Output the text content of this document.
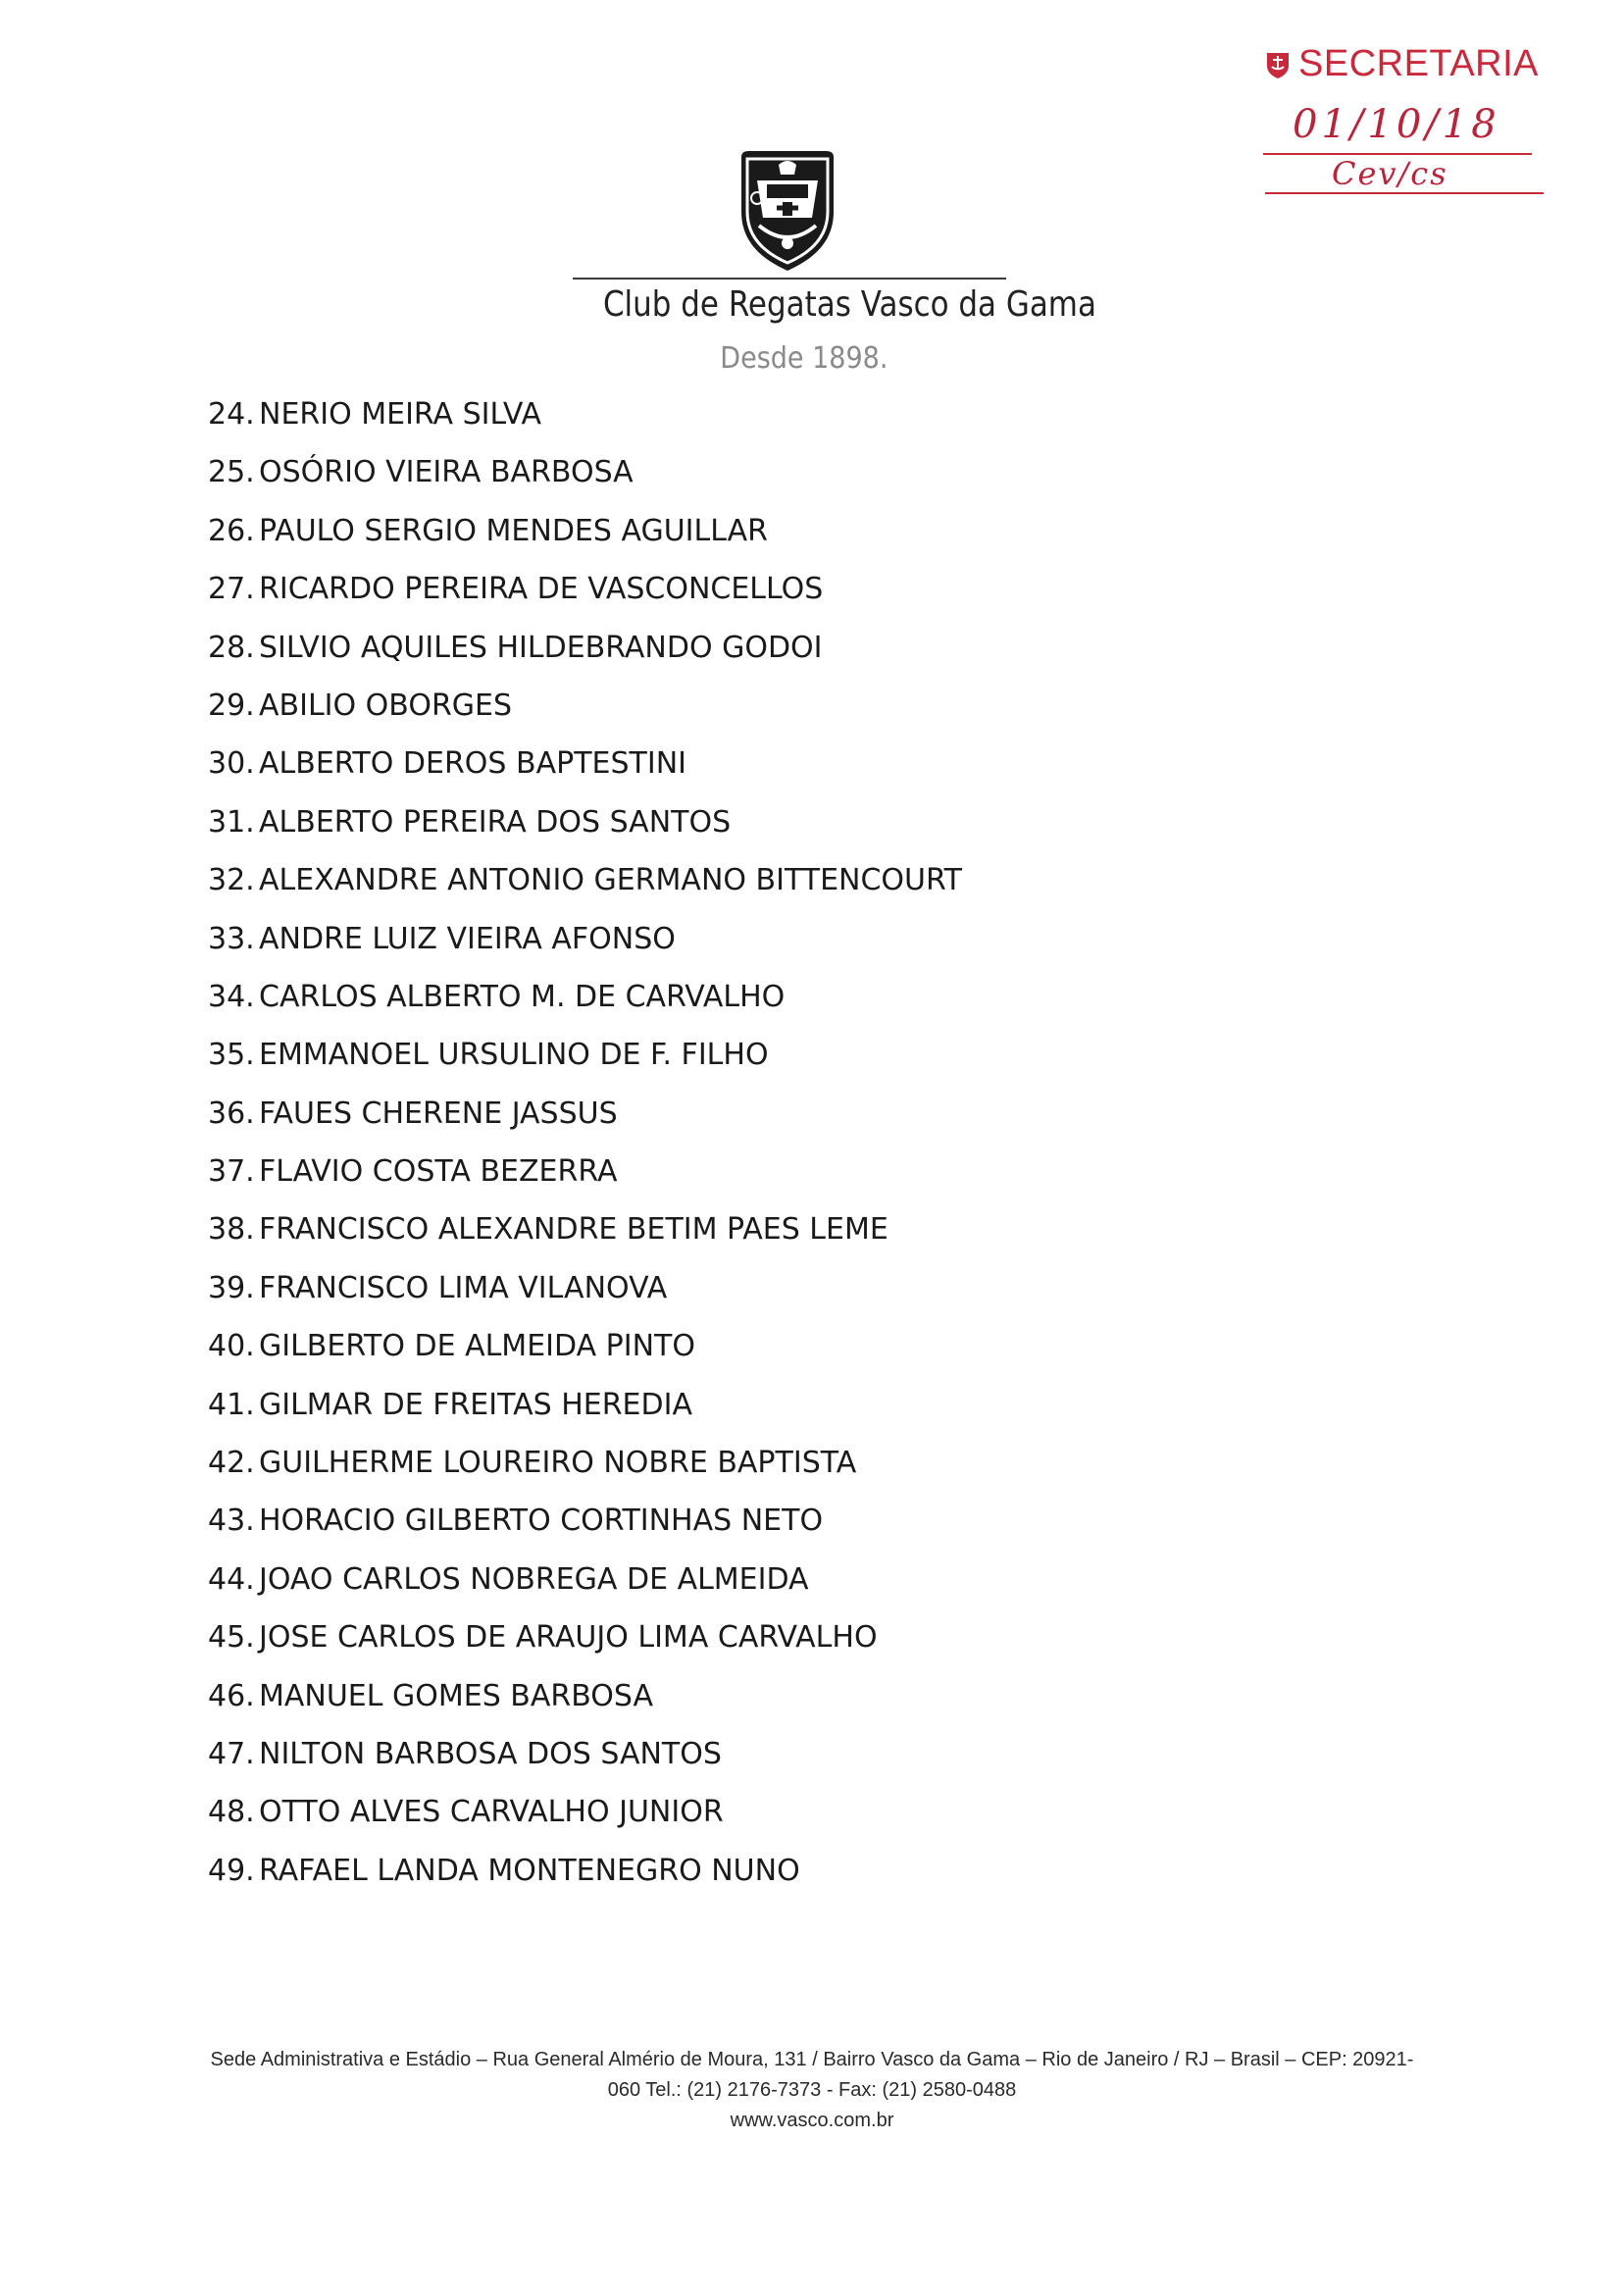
SECRETARIA
01/10/18
Cev/cs
Club de Regatas Vasco da Gama
Desde 1898.
24. NERIO MEIRA SILVA
25. OSÓRIO VIEIRA BARBOSA
26. PAULO SERGIO MENDES AGUILLAR
27. RICARDO PEREIRA DE VASCONCELLOS
28. SILVIO AQUILES HILDEBRANDO GODOI
29. ABILIO OBORGES
30. ALBERTO DEROS BAPTESTINI
31. ALBERTO PEREIRA DOS SANTOS
32. ALEXANDRE ANTONIO GERMANO BITTENCOURT
33. ANDRE LUIZ VIEIRA AFONSO
34. CARLOS ALBERTO M. DE CARVALHO
35. EMMANOEL URSULINO DE F. FILHO
36. FAUES CHERENE JASSUS
37. FLAVIO COSTA BEZERRA
38. FRANCISCO ALEXANDRE BETIM PAES LEME
39. FRANCISCO LIMA VILANOVA
40. GILBERTO DE ALMEIDA PINTO
41. GILMAR DE FREITAS HEREDIA
42. GUILHERME LOUREIRO NOBRE BAPTISTA
43. HORACIO GILBERTO CORTINHAS NETO
44. JOAO CARLOS NOBREGA DE ALMEIDA
45. JOSE CARLOS DE ARAUJO LIMA CARVALHO
46. MANUEL GOMES BARBOSA
47. NILTON BARBOSA DOS SANTOS
48. OTTO ALVES CARVALHO JUNIOR
49. RAFAEL LANDA MONTENEGRO NUNO
Sede Administrativa e Estádio – Rua General Almério de Moura, 131 / Bairro Vasco da Gama – Rio de Janeiro / RJ – Brasil – CEP: 20921-
060 Tel.: (21) 2176-7373 - Fax: (21) 2580-0488
www.vasco.com.br
